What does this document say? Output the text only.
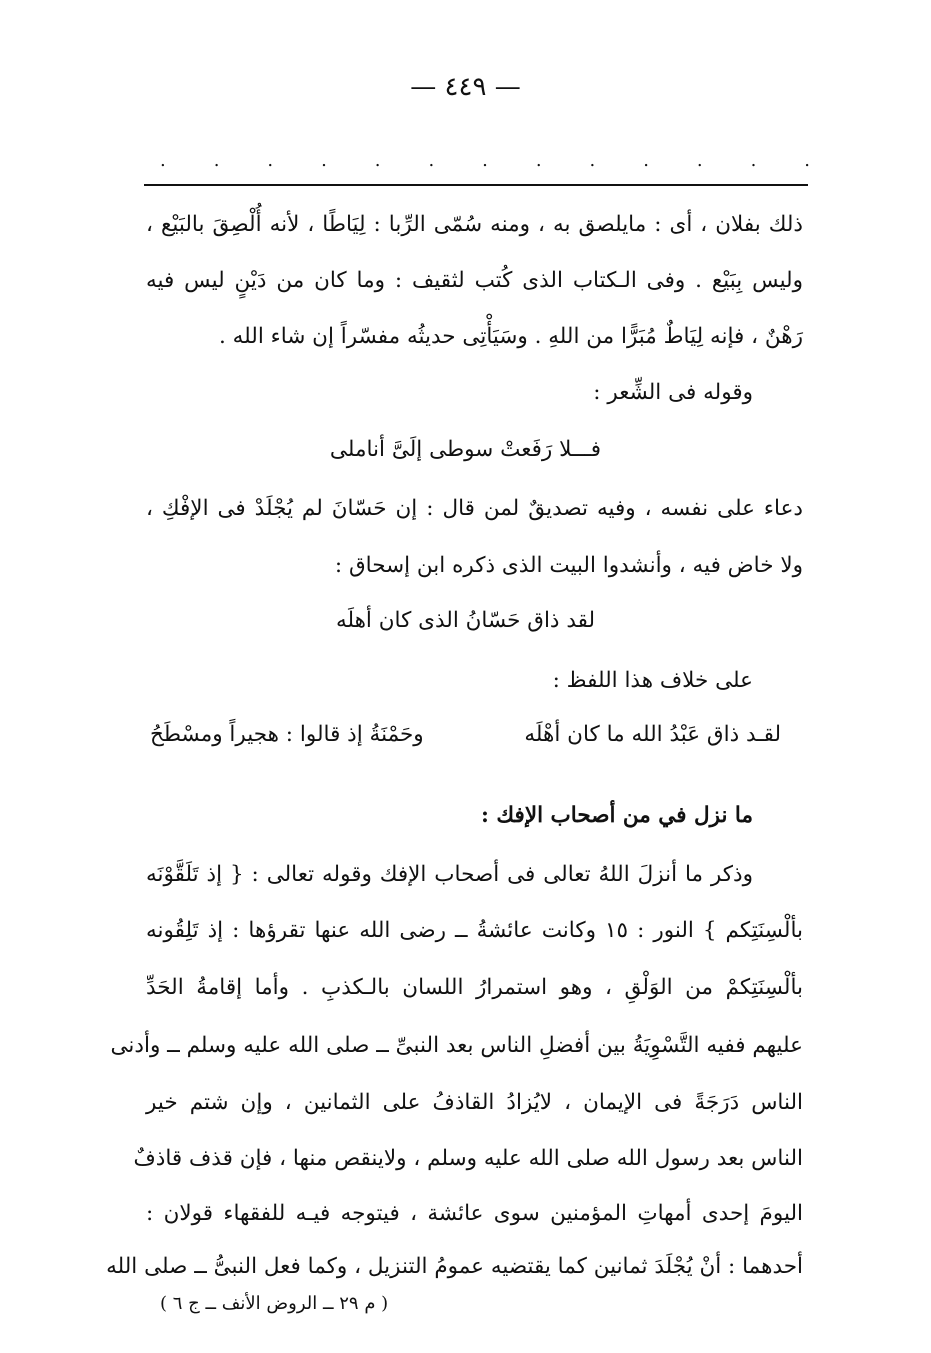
— ٤٤٩ —
.	.	.	.	.	.	.	.	.	.	.	.	.
ذلك بفلان ، أى : مايلصق به ، ومنه سُمّى الرِّبا : لِيَاطًا ، لأنه أُلْصِقَ بالبَيْع ،
وليس بِبَيْع . وفى الـكتاب الذى كُتب لثقيف : وما كان من دَيْنٍ ليس فيه
رَهْنٌ ، فإنه لِيَاطٌ مُبَرًّا من اللهِ . وسَيَأْتِى حديثُه مفسّراً إن شاء الله .
وقوله فى الشِّعر :
فـــلا رَفَعتْ سوطى إلَىَّ أناملى
دعاء على نفسه ، وفيه تصديقٌ لمن قال : إن حَسّانَ لم يُجْلَدْ فى الإفْكِ ،
ولا خاض فيه ، وأنشدوا البيت الذى ذكره ابن إسحاق :
لقد ذاق حَسّانُ الذى كان أهلَه
على خلاف هذا اللفظ :
لقـد ذاق عَبْدُ الله ما كان أهْلَه
وحَمْنَةُ إذ قالوا : هجيراً ومسْطَحُ
ما نزل في من أصحاب الإفك :
وذكر ما أنزلَ اللهُ تعالى فى أصحاب الإفك وقوله تعالى : { إذ تَلَقَّوْنَه
بألْسِنَتِكم } النور : ١٥ وكانت عائشةُ ــ رضى الله عنها تقرؤها : إذ تَلِقُونه
بألْسِنَتِكمْ من الوَلْقِ ، وهو استمرارُ اللسان بالـكذبِ . وأما إقامةُ الحَدِّ
عليهم ففيه التَّسْوِيَةُ بين أفضلِ الناس بعد النبىِّ ــ صلى الله عليه وسلم ــ وأدنى
الناس دَرَجَةً فى الإيمان ، لايُزادُ القاذفُ على الثمانين ، وإن شتم خير
الناس بعد رسول الله صلى الله عليه وسلم ، ولاينقص منها ، فإن قذف قاذفٌ
اليومَ إحدى أمهاتِ المؤمنين سوى عائشة ، فيتوجه فيـه للفقهاء قولان :
أحدهما : أنْ يُجْلَدَ ثمانين كما يقتضيه عمومُ التنزيل ، وكما فعل النبىُّ ــ صلى الله
( م ٢٩ ــ الروض الأنف ــ ج ٦ )
